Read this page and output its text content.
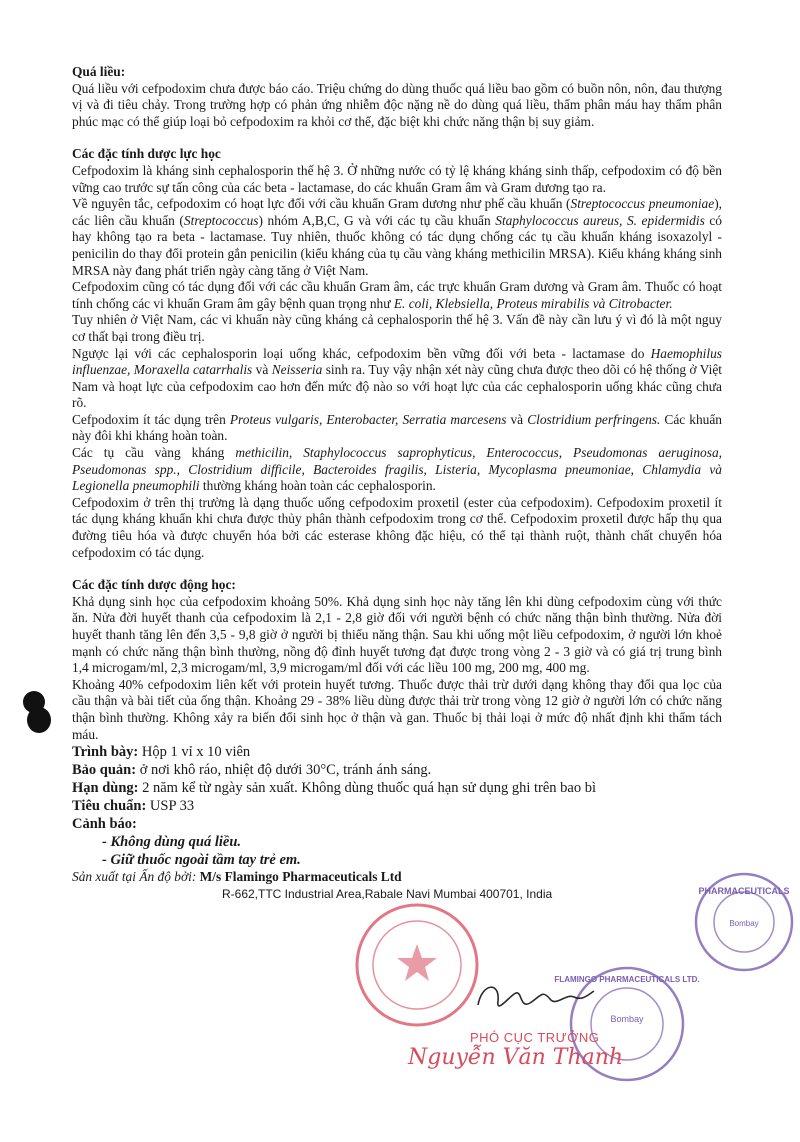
Quá liều:

Quá liều với cefpodoxim chưa được báo cáo. Triệu chứng do dùng thuốc quá liều bao gồm có buồn nôn, nôn, đau thượng vị và đi tiêu chảy. Trong trường hợp có phản ứng nhiễm độc nặng nề do dùng quá liều, thẩm phân máu hay thẩm phân phúc mạc có thể giúp loại bỏ cefpodoxim ra khỏi cơ thể, đặc biệt khi chức năng thận bị suy giảm.

Các đặc tính dược lực học

Cefpodoxim là kháng sinh cephalosporin thế hệ 3. Ở những nước có tỷ lệ kháng kháng sinh thấp, cefpodoxim có độ bền vững cao trước sự tấn công của các beta - lactamase, do các khuẩn Gram âm và Gram dương tạo ra.

Về nguyên tắc, cefpodoxim có hoạt lực đối với cầu khuẩn Gram dương như phế cầu khuẩn (Streptococcus pneumoniae), các liên cầu khuẩn (Streptococcus) nhóm A,B,C, G và với các tụ cầu khuẩn Staphylococcus aureus, S. epidermidis có hay không tạo ra beta - lactamase. Tuy nhiên, thuốc không có tác dụng chống các tụ cầu khuẩn kháng isoxazolyl - penicilin do thay đổi protein gắn penicilin (kiểu kháng của tụ cầu vàng kháng methicilin MRSA). Kiểu kháng kháng sinh MRSA này đang phát triển ngày càng tăng ở Việt Nam.

Cefpodoxim cũng có tác dụng đối với các cầu khuẩn Gram âm, các trực khuẩn Gram dương và Gram âm. Thuốc có hoạt tính chống các vi khuẩn Gram âm gây bệnh quan trọng như E. coli, Klebsiella, Proteus mirabilis và Citrobacter.

Tuy nhiên ở Việt Nam, các vi khuẩn này cũng kháng cả cephalosporin thế hệ 3. Vấn đề này cần lưu ý vì đó là một nguy cơ thất bại trong điều trị.

Ngược lại với các cephalosporin loại uống khác, cefpodoxim bền vững đối với beta - lactamase do Haemophilus influenzae, Moraxella catarrhalis và Neisseria sinh ra. Tuy vậy nhận xét này cũng chưa được theo dõi có hệ thống ở Việt Nam và hoạt lực của cefpodoxim cao hơn đến mức độ nào so với hoạt lực của các cephalosporin uống khác cũng chưa rõ.

Cefpodoxim ít tác dụng trên Proteus vulgaris, Enterobacter, Serratia marcesens và Clostridium perfringens. Các khuẩn này đôi khi kháng hoàn toàn.

Các tụ cầu vàng kháng methicilin, Staphylococcus saprophyticus, Enterococcus, Pseudomonas aeruginosa, Pseudomonas spp., Clostridium difficile, Bacteroides fragilis, Listeria, Mycoplasma pneumoniae, Chlamydia và Legionella pneumophili thường kháng hoàn toàn các cephalosporin.

Cefpodoxim ở trên thị trường là dạng thuốc uống cefpodoxim proxetil (ester của cefpodoxim). Cefpodoxim proxetil ít tác dụng kháng khuẩn khi chưa được thủy phân thành cefpodoxim trong cơ thể. Cefpodoxim proxetil được hấp thụ qua đường tiêu hóa và được chuyển hóa bởi các esterase không đặc hiệu, có thể tại thành ruột, thành chất chuyển hóa cefpodoxim có tác dụng.

Các đặc tính dược động học:

Khả dụng sinh học của cefpodoxim khoảng 50%. Khả dụng sinh học này tăng lên khi dùng cefpodoxim cùng với thức ăn. Nửa đời huyết thanh của cefpodoxim là 2,1 - 2,8 giờ đối với người bệnh có chức năng thận bình thường. Nửa đời huyết thanh tăng lên đến 3,5 - 9,8 giờ ở người bị thiểu năng thận. Sau khi uống một liều cefpodoxim, ở người lớn khoẻ mạnh có chức năng thận bình thường, nồng độ đỉnh huyết tương đạt được trong vòng 2 - 3 giờ và có giá trị trung bình 1,4 microgam/ml, 2,3 microgam/ml, 3,9 microgam/ml đối với các liều 100 mg, 200 mg, 400 mg.

Khoảng 40% cefpodoxim liên kết với protein huyết tương. Thuốc được thải trừ dưới dạng không thay đổi qua lọc của cầu thận và bài tiết của ống thận. Khoảng 29 - 38% liều dùng được thải trừ trong vòng 12 giờ ở người lớn có chức năng thận bình thường. Không xảy ra biến đổi sinh học ở thận và gan. Thuốc bị thải loại ở mức độ nhất định khi thẩm tách máu.

Trình bày: Hộp 1 vỉ x 10 viên

Bảo quản: ở nơi khô ráo, nhiệt độ dưới 30°C, tránh ánh sáng.

Hạn dùng: 2 năm kể từ ngày sản xuất. Không dùng thuốc quá hạn sử dụng ghi trên bao bì

Tiêu chuẩn: USP 33

Cảnh báo:

- Không dùng quá liều.

- Giữ thuốc ngoài tầm tay trẻ em.

Sản xuất tại Ấn độ bởi: M/s Flamingo Pharmaceuticals Ltd

R-662,TTC Industrial Area,Rabale Navi Mumbai 400701, India	PHARMACEUTICALS
Bombay
FLAMINGO PHARMACEUTICALS LTD.
Bombay
PHÓ CỤC TRƯỞNG
Nguyễn Văn Thanh
